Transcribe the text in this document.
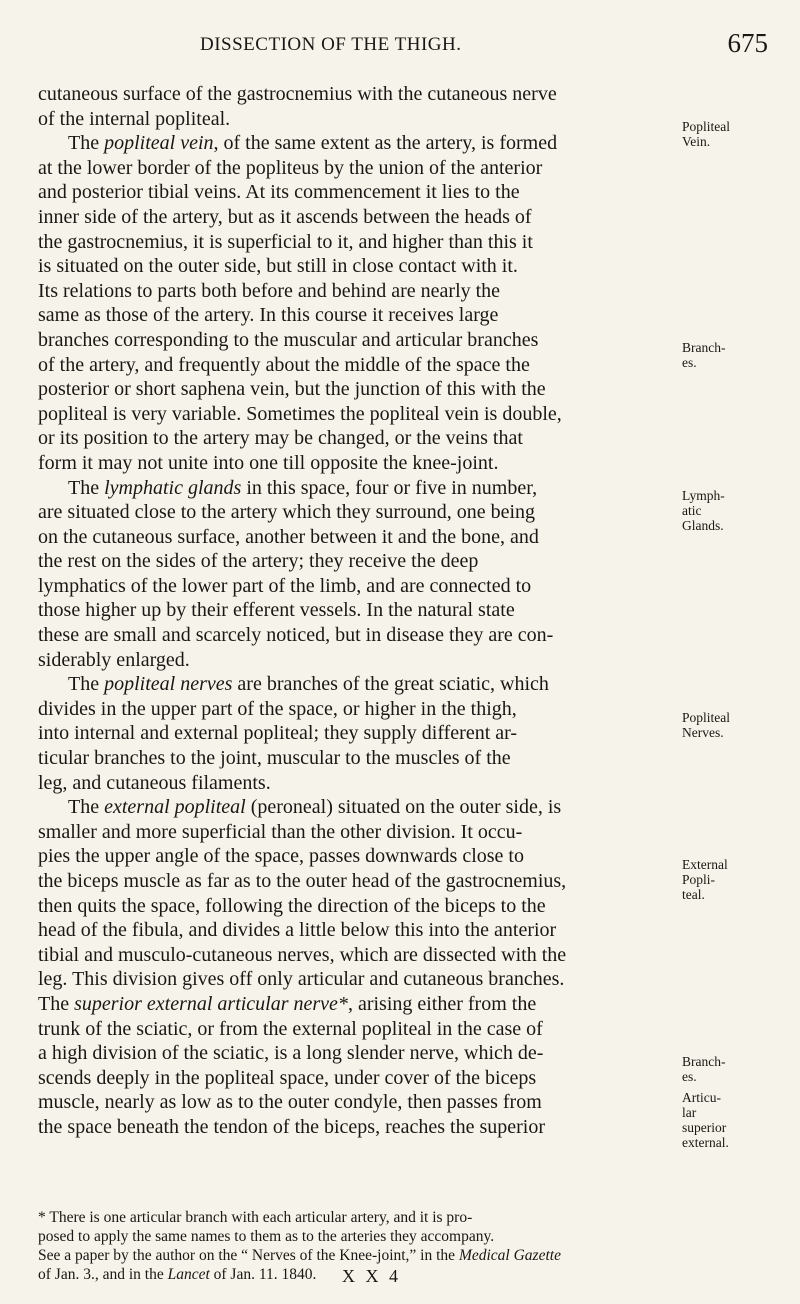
DISSECTION OF THE THIGH.	675
cutaneous surface of the gastrocnemius with the cutaneous nerve
of the internal popliteal.
  The popliteal vein, of the same extent as the artery, is formed
at the lower border of the popliteus by the union of the anterior
and posterior tibial veins. At its commencement it lies to the
inner side of the artery, but as it ascends between the heads of
the gastrocnemius, it is superficial to it, and higher than this it
is situated on the outer side, but still in close contact with it.
Its relations to parts both before and behind are nearly the
same as those of the artery. In this course it receives large
branches corresponding to the muscular and articular branches
of the artery, and frequently about the middle of the space the
posterior or short saphena vein, but the junction of this with the
popliteal is very variable. Sometimes the popliteal vein is double,
or its position to the artery may be changed, or the veins that
form it may not unite into one till opposite the knee-joint.
  The lymphatic glands in this space, four or five in number,
are situated close to the artery which they surround, one being
on the cutaneous surface, another between it and the bone, and
the rest on the sides of the artery; they receive the deep
lymphatics of the lower part of the limb, and are connected to
those higher up by their efferent vessels. In the natural state
these are small and scarcely noticed, but in disease they are con-
siderably enlarged.
  The popliteal nerves are branches of the great sciatic, which
divides in the upper part of the space, or higher in the thigh,
into internal and external popliteal; they supply different ar-
ticular branches to the joint, muscular to the muscles of the
leg, and cutaneous filaments.
  The external popliteal (peroneal) situated on the outer side, is
smaller and more superficial than the other division. It occu-
pies the upper angle of the space, passes downwards close to
the biceps muscle as far as to the outer head of the gastrocnemius,
then quits the space, following the direction of the biceps to the
head of the fibula, and divides a little below this into the anterior
tibial and musculo-cutaneous nerves, which are dissected with the
leg. This division gives off only articular and cutaneous branches.
The superior external articular nerve*, arising either from the
trunk of the sciatic, or from the external popliteal in the case of
a high division of the sciatic, is a long slender nerve, which de-
scends deeply in the popliteal space, under cover of the biceps
muscle, nearly as low as to the outer condyle, then passes from
the space beneath the tendon of the biceps, reaches the superior
Popliteal
Vein.
Branch-
es.
Lymph-
atic
Glands.
Popliteal
Nerves.
External
Popli-
teal.
Branch-
es.
Articu-
lar
superior
external.
* There is one articular branch with each articular artery, and it is pro-
posed to apply the same names to them as to the arteries they accompany.
See a paper by the author on the “ Nerves of the Knee-joint,” in the Medical Gazette
of Jan. 3., and in the Lancet of Jan. 11. 1840.	X X 4
